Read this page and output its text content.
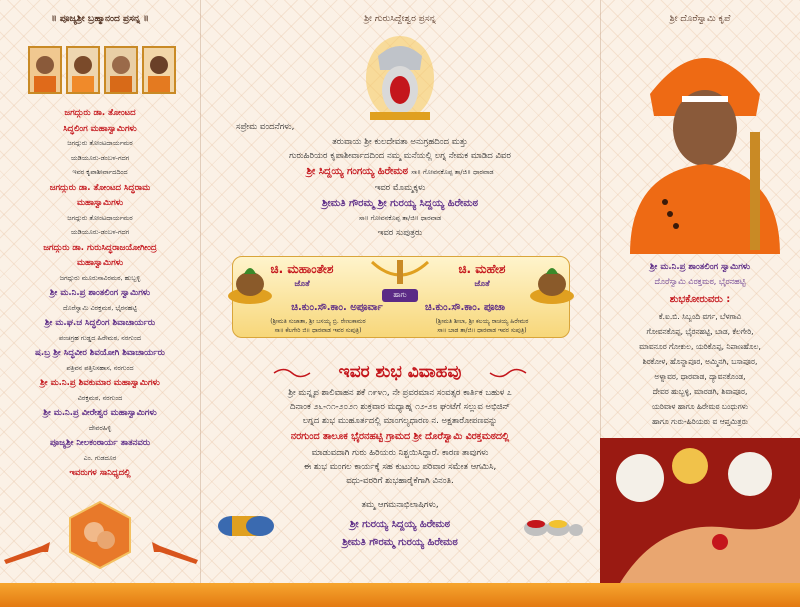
॥ ಪೂಜ್ಯಶ್ರೀ ಬ್ರಹ್ಮಾನಂದ ಪ್ರಸನ್ನ ॥
ಜಗದ್ಗುರು ಡಾ. ತೋಂಟದ
ಸಿದ್ಧಲಿಂಗ ಮಹಾಸ್ವಾಮಿಗಳು
ಜಗದ್ಗುರು ತೋಂಟದಾರ್ಯಮಠ
ಯಡಿಯೂರು-ಡಂಬಳ-ಗದಗ
ಇವರ ಕೃಪಾಶೀರ್ವಾದದಿಂದ
ಜಗದ್ಗುರು ಡಾ. ತೋಂಟದ ಸಿದ್ಧರಾಮ
ಮಹಾಸ್ವಾಮಿಗಳು
ಜಗದ್ಗುರು ತೋಂಟದಾರ್ಯಮಠ
ಯಡಿಯೂರು-ಡಂಬಳ-ಗದಗ
ಜಗದ್ಗುರು ಡಾ. ಗುರುಸಿದ್ಧರಾಜಯೋಗೀಂದ್ರ
ಮಹಾಸ್ವಾಮಿಗಳು
ಜಗದ್ಗುರು ಮೂರುಸಾವಿರಮಠ, ಹುಬ್ಬಳ್ಳಿ
ಶ್ರೀ ಮ.ನಿ.ಪ್ರ ಶಾಂತಲಿಂಗ ಸ್ವಾಮಿಗಳು
ದೊರೆಸ್ವಾಮಿ ವಿರಕ್ತಮಠ, ಭೈರನಹಟ್ಟಿ
ಶ್ರೀ ಮ.ಘ.ಚ ಸಿದ್ಧಲಿಂಗ ಶಿವಾಚಾರ್ಯರು
ಪಂಚಗ್ರಹ ಗುಡ್ಡದ ಹಿರೇಮಠ, ನರಗುಂದ
ಷ.ಬ್ರ ಶ್ರೀ ಸಿದ್ಧವೀರ ಶಿವಯೋಗಿ ಶಿವಾಚಾರ್ಯರು
ಪತ್ರಿವನ ಪತ್ತಿನಿಸಹಾಸ, ನರಗುಂದ
ಶ್ರೀ ಮ.ನಿ.ಪ್ರ ಶಿವಕುಮಾರ ಮಹಾಸ್ವಾಮಿಗಳು
ವಿರಕ್ತಮಠ, ನರಗುಂದ
ಶ್ರೀ ಮ.ನಿ.ಪ್ರ ವೀರೇಶ್ವರ ಮಹಾಸ್ವಾಮಿಗಳು
ದೇವರಹಿಳ್ಳಿ
ಪೂಜ್ಯಶ್ರೀ ನೀಲಕಂಠಾರ್ಯ ತಾತನವರು
ಎಂ. ಗುಡದೂರ
ಇವರುಗಳ ಸಾನಿಧ್ಯದಲ್ಲಿ
ಶ್ರೀ ಗುರುಸಿದ್ದೇಶ್ವರ ಪ್ರಸನ್ನ
ಸಪ್ರೇಮ ವಂದನೆಗಳು,
ತರುವಾಯ ಶ್ರೀ ಕುಲದೇವತಾ ಅನುಗ್ರಹದಿಂದ ಮತ್ತು
ಗುರುಹಿರಿಯರ ಕೃಪಾಶೀರ್ವಾದದಿಂದ ನಮ್ಮ ಮನೆಯಲ್ಲಿ ಲಗ್ನ ನೇಮಕ ಮಾಡಿದ ವಿವರ
ಶ್ರೀ ಸಿದ್ದಯ್ಯ ಗಂಗಯ್ಯ ಹಿರೇಮಠ ಸಾ॥ ಗೋವನಕೊಪ್ಪ ತಾ/ಜಿ॥ ಧಾರವಾಡ
ಇವರ ಮೊಮ್ಮಕ್ಕಳು
ಶ್ರೀಮತಿ ಗೌರಮ್ಮ ಶ್ರೀ ಗುರಯ್ಯ ಸಿದ್ದಯ್ಯ ಹಿರೇಮಠ
ಸಾ॥ ಗೋವನಕೊಪ್ಪ ತಾ/ಜಿ॥ ಧಾರವಾಡ
ಇವರ ಸುಪುತ್ರರು
ಚಿ. ಮಹಾಂತೇಶ
ಜೊತೆ
ಚಿ. ಮಹೇಶ
ಜೊತೆ
ಹಾಗು
ಚಿ.ಕುಂ.ಸೌ.ಕಾಂ. ಅಪೂರ್ವಾ	ಚಿ.ಕುಂ.ಸೌ.ಕಾಂ. ಪೂಜಾ
(ಶ್ರೀಮತಿ ಸುಜಾತಾ, ಶ್ರೀ ಬಸಯ್ಯ ಬ್ರಿ. ರೇಣುಕಾಮಠ
ಸಾ॥ ಕೆಲಗೇರಿ ಜಿ॥ ಧಾರವಾಡ ಇವರ ಸುಪುತ್ರಿ)
(ಶ್ರೀಮತಿ ಶೀಲಾ, ಶ್ರೀ ಕಲಯ್ಯ ರಾಚಯ್ಯ ಹಿರೇಮಠ
ಸಾ॥ ಬಾಡ ತಾ/ಜಿ॥ ಧಾರವಾಡ ಇವರ ಸುಪುತ್ರಿ)
ಇವರ ಶುಭ ವಿವಾಹವು
ಶ್ರೀ ಮನ್ನೃಪ ಶಾಲಿವಾಹನ ಶಕೆ ೧೯೪೧, ನೇ ಪ್ರವರಮಾನ ಸಂವತ್ಸರ ಕಾರ್ತಿಕ ಬಹುಳ ೭
ದಿನಾಂಕ ೨೬-೧೧-೨೦೨೧ ಶುಕ್ರವಾರ ಮಧ್ಯಾಹ್ನ ೧೨-೨೮ ಘಂಟೆಗೆ ಸಲ್ಲುವ ಅಭಿಜಿನ್
ಲಗ್ನದ ಶುಭ ಮುಹೂರ್ತದಲ್ಲಿ ಮಾಂಗಲ್ಯಧಾರಣ ನ. ಅಕ್ಷತಾರೋಪಣವನ್ನು
ನರಗುಂದ ತಾಲೂಕ ಭೈರನಹಟ್ಟಿ ಗ್ರಾಮದ ಶ್ರೀ ದೊರೆಸ್ವಾಮಿ ವಿರಕ್ತಮಠದಲ್ಲಿ
ಮಾಡುವದಾಗಿ ಗುರು ಹಿರಿಯರು ನಿಶ್ಚಯಿಸಿದ್ದಾರೆ. ಕಾರಣ ತಾವುಗಳು
ಈ ಶುಭ ಮಂಗಲ ಕಾರ್ಯಕ್ಕೆ ಸಹ ಕುಟುಂಬ ಪರಿವಾರ ಸಮೇತ ಆಗಮಿಸಿ,
ವಧು-ವರರಿಗೆ ಶುಭಹಾರೈಕೆಗಾಗಿ ವಿನಂತಿ.
ತಮ್ಮ ಆಗಮನಾಭಿಲಾಷಿಗಳು,
ಶ್ರೀ ಗುರಯ್ಯ ಸಿದ್ದಯ್ಯ ಹಿರೇಮಠ
ಶ್ರೀಮತಿ ಗೌರಮ್ಮ ಗುರಯ್ಯ ಹಿರೇಮಠ
ಶ್ರೀ ದೊರೆಸ್ವಾಮಿ ಕೃಪೆ
ಶ್ರೀ ಮ.ನಿ.ಪ್ರ ಶಾಂತಲಿಂಗ ಸ್ವಾಮಿಗಳು
ದೊರೆಸ್ವಾಮಿ ವಿರಕ್ತಮಠ, ಭೈರನಹಟ್ಟಿ
ಶುಭಕೋರುವರು :
ಕೆ.ಐ.ಬಿ. ಸಿಬ್ಬಂದಿ ವರ್ಗ, ಬೆಳಗಾವಿ
ಗೋವನಕೊಪ್ಪ, ಭೈರನಹಟ್ಟಿ, ಬಾಡ, ಕೆಲಗೇರಿ,
ಮಾವನೂರ ಗೋಕುಲ, ಯರಿಕೊಪ್ಪ, ನಿಪಾಣಹೊಲ,
ಶಿರಕೋಳ, ಹೊನ್ನಾಪೂರ, ಅಮ್ಮಿನಗಿ, ಬಸಾಪೂರ,
ಅಳ್ನಾವರ, ಧಾರವಾಡ, ದ್ಯಾವನಕೊಂಡ,
ದೇವರ ಹುಬ್ಬಳ್ಳಿ, ಮಾರಡಗಿ, ಶಿವಾಪೂರ,
ಯರಿವಾಳ ಹಾಗೂ ಹಿರೇಮಠ ಬಂಧುಗಳು
ಹಾಗೂ ಗುರು-ಹಿರಿಯರು ವ ಆಪ್ತಮಿತ್ರರು
